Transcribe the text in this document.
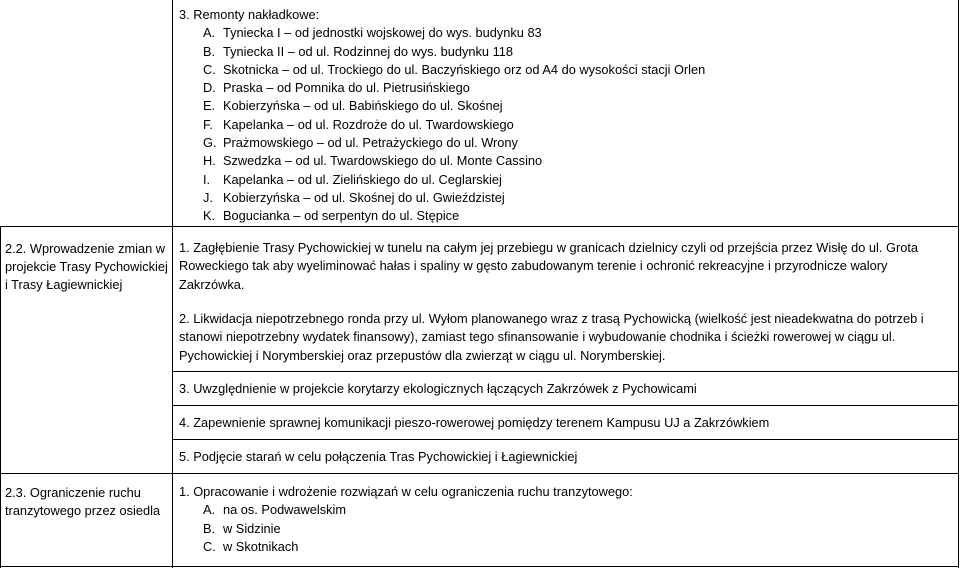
3. Remonty nakładkowe:
A. Tyniecka I – od jednostki wojskowej do wys. budynku 83
B. Tyniecka II – od ul. Rodzinnej do wys. budynku 118
C. Skotnicka – od ul. Trockiego do ul. Baczyńskiego orz od A4 do wysokości stacji Orlen
D. Praska – od Pomnika do ul. Pietrusińskiego
E. Kobierzyńska – od ul. Babińskiego do ul. Skośnej
F. Kapelanka – od ul. Rozdroże do ul. Twardowskiego
G. Prażmowskiego – od ul. Petrażyckiego do ul. Wrony
H. Szwedzka – od ul. Twardowskiego do ul. Monte Cassino
I. Kapelanka – od ul. Zielińskiego do ul. Ceglarskiej
J. Kobierzyńska – od ul. Skośnej do ul. Gwieździstej
K. Bogucianka – od serpentyn do ul. Stępice
2.2. Wprowadzenie zmian w projekcie Trasy Pychowickiej i Trasy Łagiewnickiej
1. Zagłębienie Trasy Pychowickiej w tunelu na całym jej przebiegu w granicach dzielnicy czyli od przejścia przez Wisłę do ul. Grota Roweckiego tak aby wyeliminować hałas i spaliny w gęsto zabudowanym terenie i ochronić rekreacyjne i przyrodnicze walory Zakrzówka.
2. Likwidacja niepotrzebnego ronda przy ul. Wyłom planowanego wraz z trasą Pychowicką (wielkość jest nieadekwatna do potrzeb i stanowi niepotrzebny wydatek finansowy), zamiast tego sfinansowanie i wybudowanie chodnika i ścieżki rowerowej w ciągu ul. Pychowickiej i Norymberskiej oraz przepustów dla zwierząt w ciągu ul. Norymberskiej.
3. Uwzględnienie w projekcie korytarzy ekologicznych łączących Zakrzówek z Pychowicami
4. Zapewnienie sprawnej komunikacji pieszo-rowerowej pomiędzy terenem Kampusu UJ a Zakrzówkiem
5. Podjęcie starań w celu połączenia Tras Pychowickiej i Łagiewnickiej
2.3. Ograniczenie ruchu tranzytowego przez osiedla
1. Opracowanie i wdrożenie rozwiązań w celu ograniczenia ruchu tranzytowego:
A. na os. Podwawelskim
B. w Sidzinie
C. w Skotnikach
